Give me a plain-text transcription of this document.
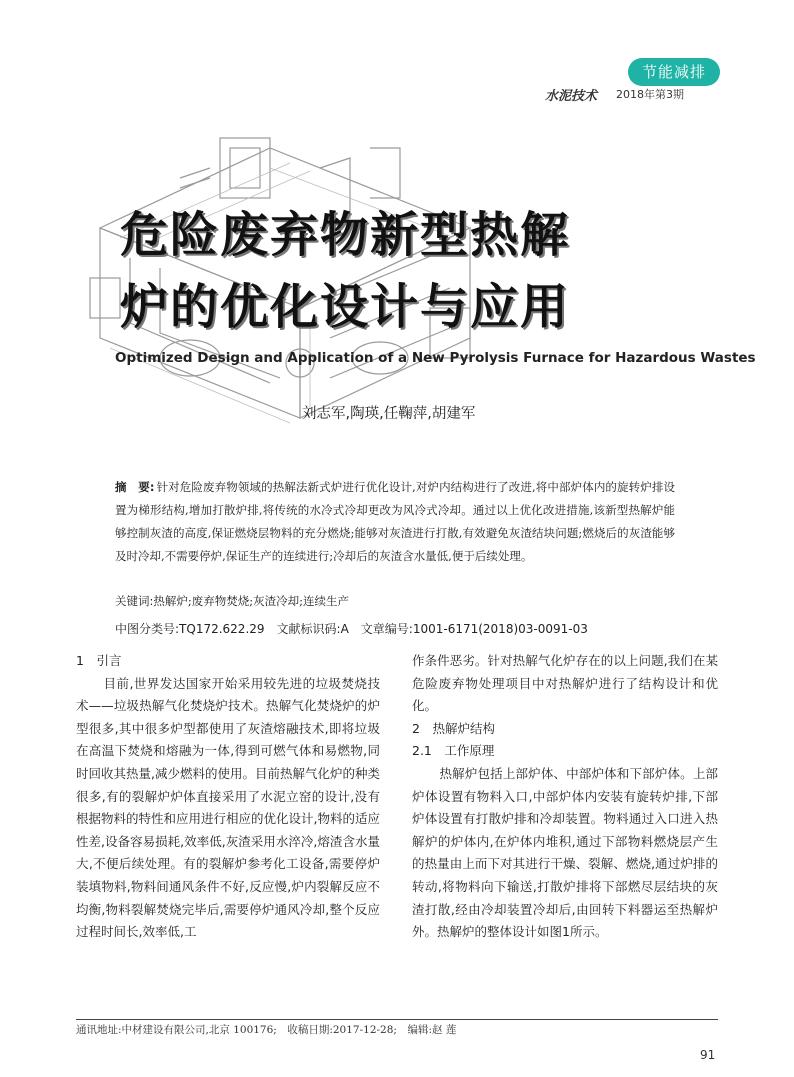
节能减排
水泥技术 2018年第3期
危险废弃物新型热解
炉的优化设计与应用
Optimized Design and Application of a New Pyrolysis Furnace for Hazardous Wastes
刘志军,陶瑛,任鞠萍,胡建军
摘　要: 针对危险废弃物领域的热解法新式炉进行优化设计,对炉内结构进行了改进,将中部炉体内的旋转炉排设置为梯形结构,增加打散炉排,将传统的水冷式冷却更改为风冷式冷却。通过以上优化改进措施,该新型热解炉能够控制灰渣的高度,保证燃烧层物料的充分燃烧;能够对灰渣进行打散,有效避免灰渣结块问题;燃烧后的灰渣能够及时冷却,不需要停炉,保证生产的连续进行;冷却后的灰渣含水量低,便于后续处理。
关键词:热解炉;废弃物焚烧;灰渣冷却;连续生产
中图分类号:TQ172.622.29　文献标识码:A　文章编号:1001-6171(2018)03-0091-03

1　引言

目前,世界发达国家开始采用较先进的垃圾焚烧技术——垃圾热解气化焚烧炉技术。热解气化焚烧炉的炉型很多,其中很多炉型都使用了灰渣熔融技术,即将垃圾在高温下焚烧和熔融为一体,得到可燃气体和易燃物,同时回收其热量,减少燃料的使用。目前热解气化炉的种类很多,有的裂解炉炉体直接采用了水泥立窑的设计,没有根据物料的特性和应用进行相应的优化设计,物料的适应性差,设备容易损耗,效率低,灰渣采用水淬冷,熔渣含水量大,不便后续处理。有的裂解炉参考化工设备,需要停炉装填物料,物料间通风条件不好,反应慢,炉内裂解反应不均衡,物料裂解焚烧完毕后,需要停炉通风冷却,整个反应过程时间长,效率低,工

作条件恶劣。针对热解气化炉存在的以上问题,我们在某危险废弃物处理项目中对热解炉进行了结构设计和优化。

2　热解炉结构

2.1　工作原理

热解炉包括上部炉体、中部炉体和下部炉体。上部炉体设置有物料入口,中部炉体内安装有旋转炉排,下部炉体设置有打散炉排和冷却装置。物料通过入口进入热解炉的炉体内,在炉体内堆积,通过下部物料燃烧层产生的热量由上而下对其进行干燥、裂解、燃烧,通过炉排的转动,将物料向下输送,打散炉排将下部燃尽层结块的灰渣打散,经由冷却装置冷却后,由回转下料器运至热解炉外。热解炉的整体设计如图1所示。

通讯地址:中材建设有限公司,北京 100176;　收稿日期:2017-12-28;　编辑:赵 莲
91
